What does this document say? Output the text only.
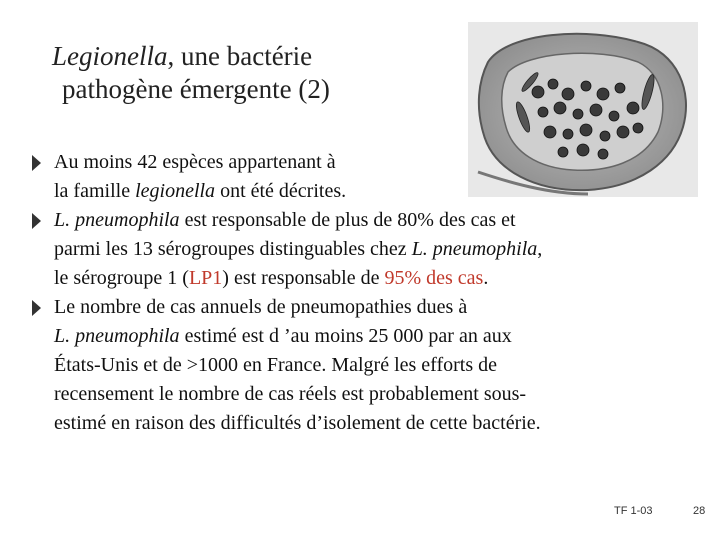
Legionella, une bactérie
pathogène émergente (2)
Au moins 42 espèces appartenant à
la famille legionella ont été décrites.
L. pneumophila est responsable de plus de 80% des cas et
parmi les 13 sérogroupes distinguables chez L. pneumophila,
le sérogroupe 1 (LP1) est responsable de 95% des cas.
Le nombre de cas annuels de pneumopathies dues à
L. pneumophila estimé est d ’au moins 25 000 par an aux
États-Unis et de >1000 en France. Malgré les efforts de
recensement le nombre de cas réels est probablement sous-
estimé en raison des difficultés d’isolement de cette bactérie.
TF 1-03	28
